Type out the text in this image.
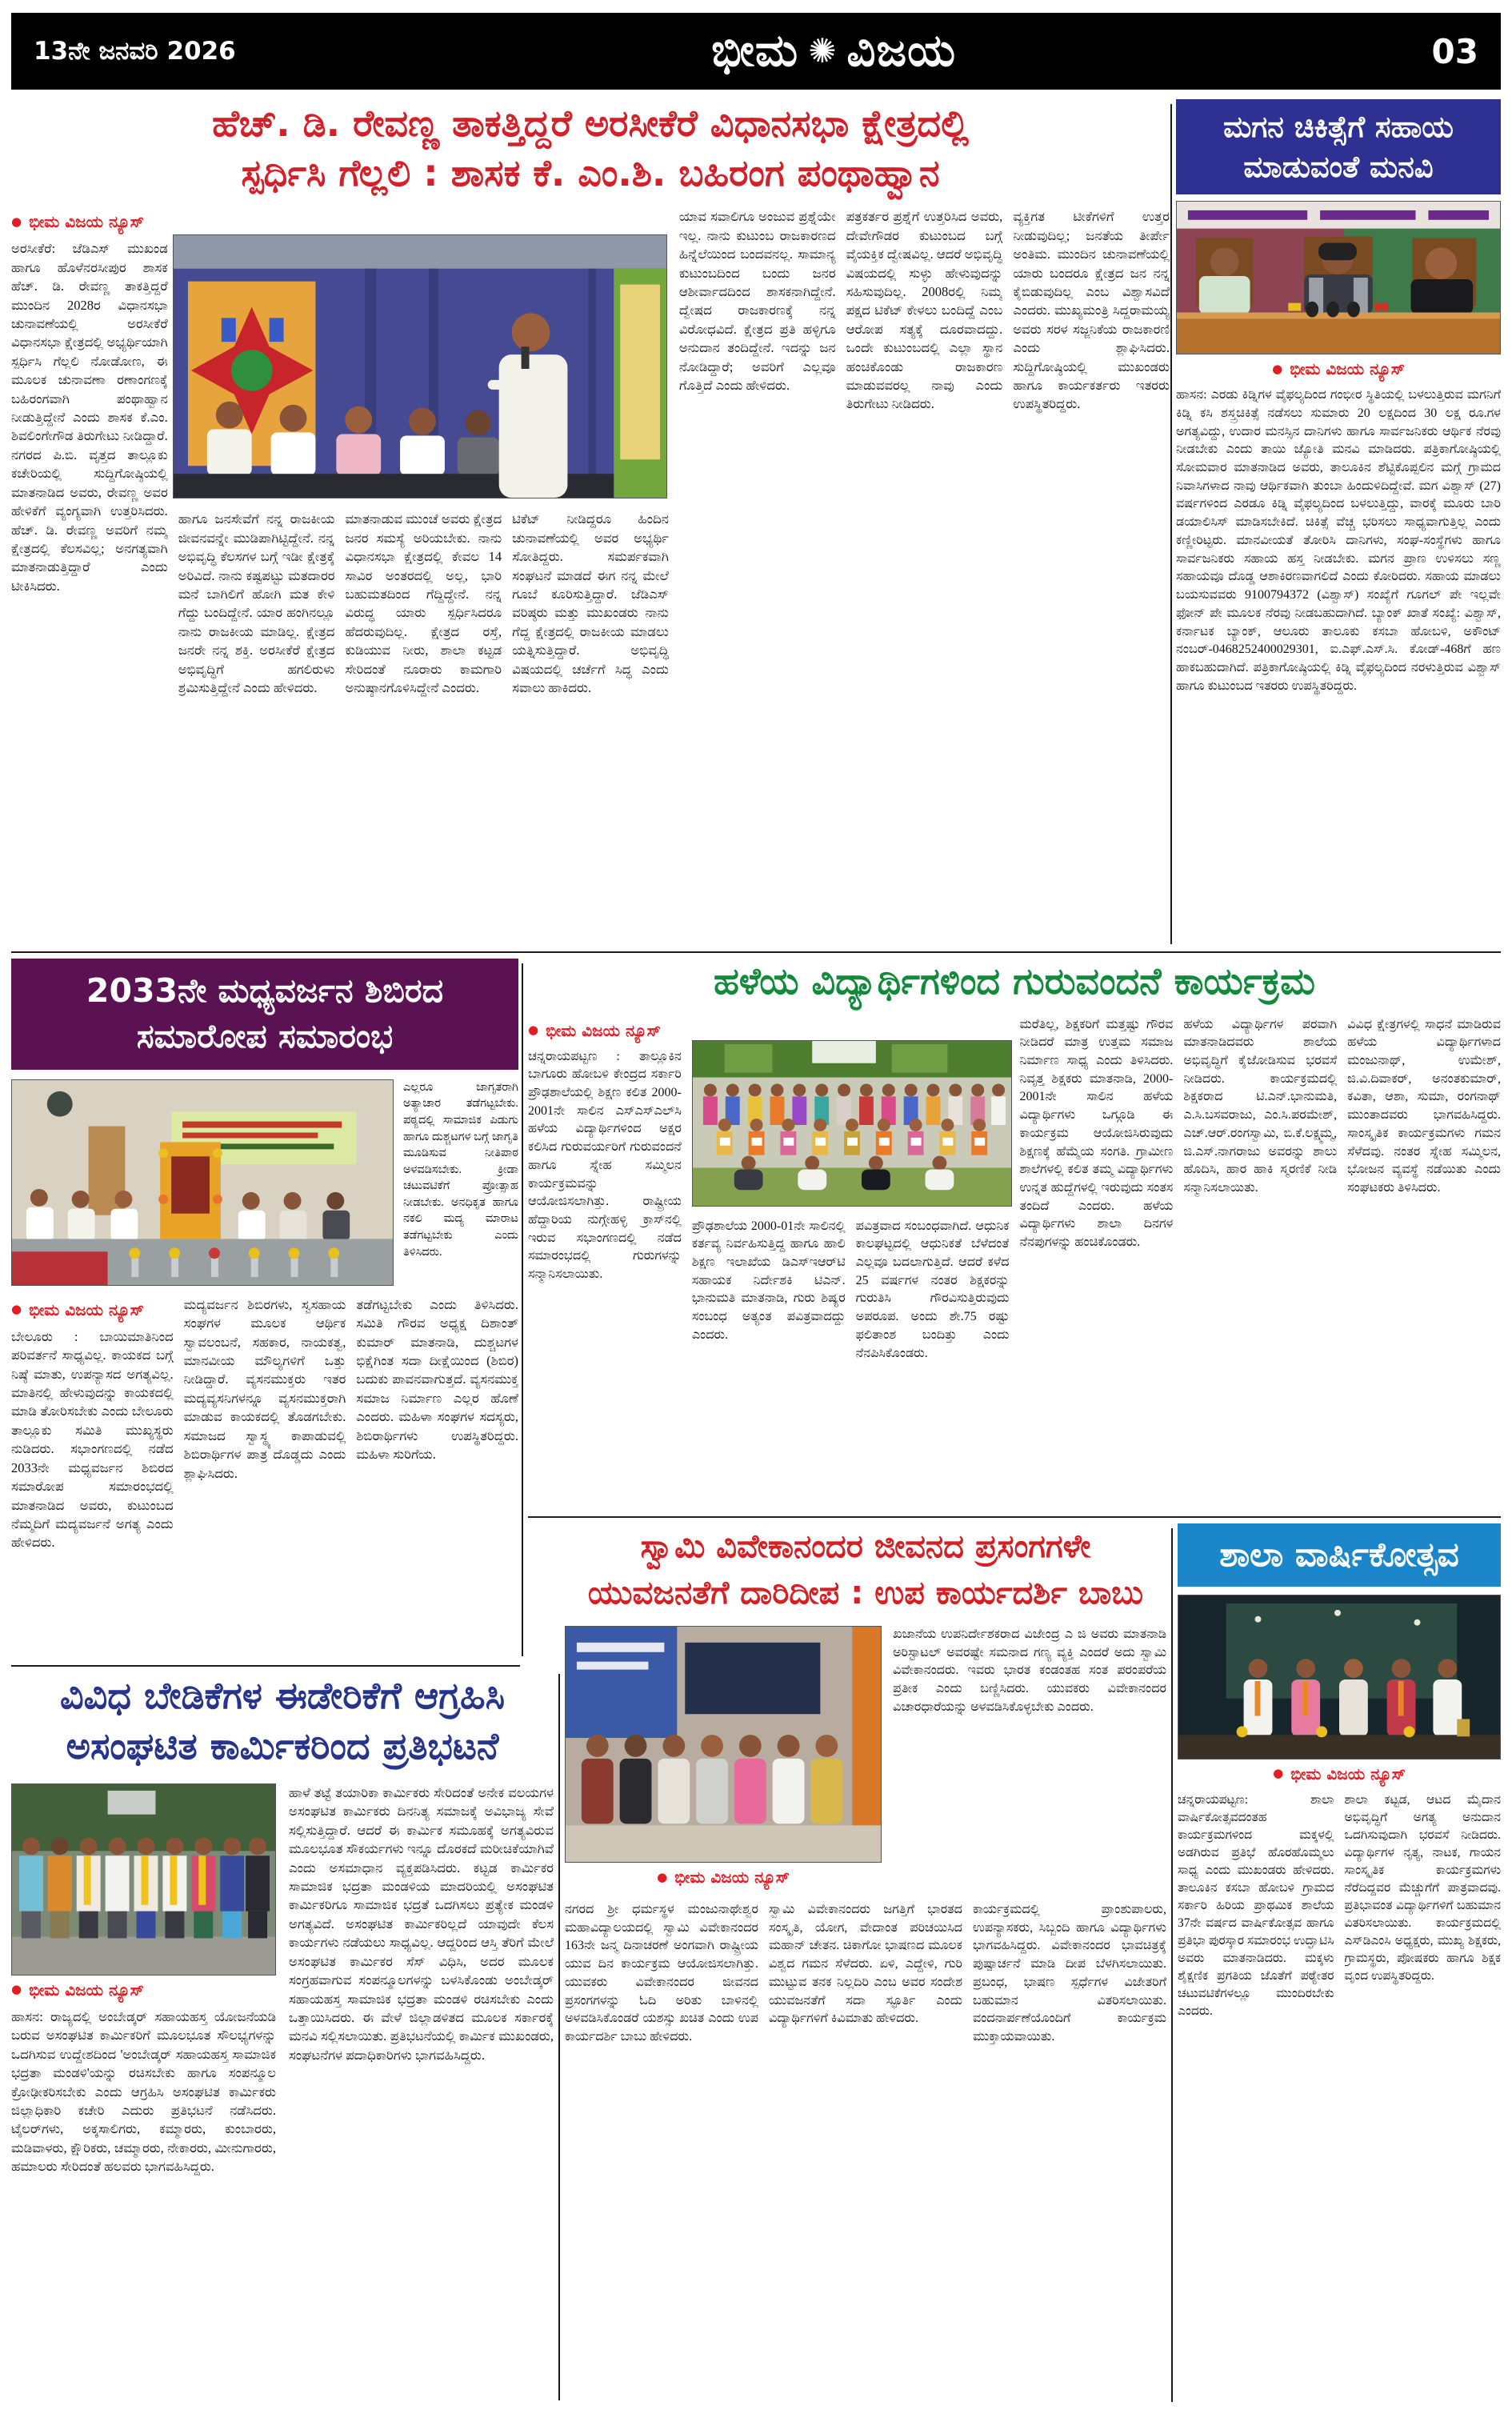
13ನೇ ಜನವರಿ 2026	ಭೀಮ ✺ ವಿಜಯ	03
ಹೆಚ್. ಡಿ. ರೇವಣ್ಣ ತಾಕತ್ತಿದ್ದರೆ ಅರಸೀಕೆರೆ ವಿಧಾನಸಭಾ ಕ್ಷೇತ್ರದಲ್ಲಿ
ಸ್ಪರ್ಧಿಸಿ ಗೆಲ್ಲಲಿ : ಶಾಸಕ ಕೆ. ಎಂ.ಶಿ. ಬಹಿರಂಗ ಪಂಥಾಹ್ವಾನ
● ಭೀಮ ವಿಜಯ ನ್ಯೂಸ್

ಅರಸೀಕೆರೆ: ಜೆಡಿಎಸ್ ಮುಖಂಡ ಹಾಗೂ ಹೊಳೆನರಸೀಪುರ ಶಾಸಕ ಹೆಚ್. ಡಿ. ರೇವಣ್ಣ ತಾಕತ್ತಿದ್ದರೆ ಮುಂದಿನ 2028ರ ವಿಧಾನಸಭಾ ಚುನಾವಣೆಯಲ್ಲಿ ಅರಸೀಕೆರೆ ವಿಧಾನಸಭಾ ಕ್ಷೇತ್ರದಲ್ಲಿ ಅಭ್ಯರ್ಥಿಯಾಗಿ ಸ್ಪರ್ಧಿಸಿ ಗೆಲ್ಲಲಿ ನೋಡೋಣ, ಈ ಮೂಲಕ ಚುನಾವಣಾ ರಣಾಂಗಣಕ್ಕೆ ಬಹಿರಂಗವಾಗಿ ಪಂಥಾಹ್ವಾನ ನೀಡುತ್ತಿದ್ದೇನೆ ಎಂದು ಶಾಸಕ ಕೆ.ಎಂ. ಶಿವಲಿಂಗೇಗೌಡ ತಿರುಗೇಟು ನೀಡಿದ್ದಾರೆ. ನಗರದ ಪಿ.ಬಿ. ವೃತ್ತದ ತಾಲ್ಲೂಕು ಕಚೇರಿಯಲ್ಲಿ ಸುದ್ದಿಗೋಷ್ಠಿಯಲ್ಲಿ ಮಾತನಾಡಿದ ಅವರು, ರೇವಣ್ಣ ಅವರ ಹೇಳಿಕೆಗೆ ವ್ಯಂಗ್ಯವಾಗಿ ಉತ್ತರಿಸಿದರು. ಹೆಚ್. ಡಿ. ರೇವಣ್ಣ ಅವರಿಗೆ ನಮ್ಮ ಕ್ಷೇತ್ರದಲ್ಲಿ ಕೆಲಸವಿಲ್ಲ; ಅನಗತ್ಯವಾಗಿ ಮಾತನಾಡುತ್ತಿದ್ದಾರೆ ಎಂದು ಟೀಕಿಸಿದರು.

ಹಾಗೂ ಜನಸೇವೆಗೆ ನನ್ನ ರಾಜಕೀಯ ಜೀವನವನ್ನೇ ಮುಡಿಪಾಗಿಟ್ಟಿದ್ದೇನೆ. ನನ್ನ ಅಭಿವೃದ್ಧಿ ಕೆಲಸಗಳ ಬಗ್ಗೆ ಇಡೀ ಕ್ಷೇತ್ರಕ್ಕೆ ಅರಿವಿದೆ. ನಾನು ಕಷ್ಟಪಟ್ಟು ಮತದಾರರ ಮನೆ ಬಾಗಿಲಿಗೆ ಹೋಗಿ ಮತ ಕೇಳಿ ಗೆದ್ದು ಬಂದಿದ್ದೇನೆ. ಯಾರ ಹಂಗಿನಲ್ಲೂ ನಾನು ರಾಜಕೀಯ ಮಾಡಿಲ್ಲ. ಕ್ಷೇತ್ರದ ಜನರೇ ನನ್ನ ಶಕ್ತಿ. ಅರಸೀಕೆರೆ ಕ್ಷೇತ್ರದ ಅಭಿವೃದ್ಧಿಗೆ ಹಗಲಿರುಳು ಶ್ರಮಿಸುತ್ತಿದ್ದೇನೆ ಎಂದು ಹೇಳಿದರು.

ಮಾತನಾಡುವ ಮುಂಚೆ ಅವರು ಕ್ಷೇತ್ರದ ಜನರ ಸಮಸ್ಯೆ ಅರಿಯಬೇಕು. ನಾನು ವಿಧಾನಸಭಾ ಕ್ಷೇತ್ರದಲ್ಲಿ ಕೇವಲ 14 ಸಾವಿರ ಅಂತರದಲ್ಲಿ ಅಲ್ಲ, ಭಾರಿ ಬಹುಮತದಿಂದ ಗೆದ್ದಿದ್ದೇನೆ. ನನ್ನ ವಿರುದ್ಧ ಯಾರು ಸ್ಪರ್ಧಿಸಿದರೂ ಹೆದರುವುದಿಲ್ಲ. ಕ್ಷೇತ್ರದ ರಸ್ತೆ, ಕುಡಿಯುವ ನೀರು, ಶಾಲಾ ಕಟ್ಟಡ ಸೇರಿದಂತೆ ನೂರಾರು ಕಾಮಗಾರಿ ಅನುಷ್ಠಾನಗೊಳಿಸಿದ್ದೇನೆ ಎಂದರು.

ಟಿಕೆಟ್ ನೀಡಿದ್ದರೂ ಹಿಂದಿನ ಚುನಾವಣೆಯಲ್ಲಿ ಅವರ ಅಭ್ಯರ್ಥಿ ಸೋತಿದ್ದರು. ಸಮರ್ಪಕವಾಗಿ ಸಂಘಟನೆ ಮಾಡದೆ ಈಗ ನನ್ನ ಮೇಲೆ ಗೂಬೆ ಕೂರಿಸುತ್ತಿದ್ದಾರೆ. ಜೆಡಿಎಸ್ ವರಿಷ್ಠರು ಮತ್ತು ಮುಖಂಡರು ನಾನು ಗೆದ್ದ ಕ್ಷೇತ್ರದಲ್ಲಿ ರಾಜಕೀಯ ಮಾಡಲು ಯತ್ನಿಸುತ್ತಿದ್ದಾರೆ. ಅಭಿವೃದ್ಧಿ ವಿಷಯದಲ್ಲಿ ಚರ್ಚೆಗೆ ಸಿದ್ಧ ಎಂದು ಸವಾಲು ಹಾಕಿದರು.

ಯಾವ ಸವಾಲಿಗೂ ಅಂಜುವ ಪ್ರಶ್ನೆಯೇ ಇಲ್ಲ. ನಾನು ಕುಟುಂಬ ರಾಜಕಾರಣದ ಹಿನ್ನೆಲೆಯಿಂದ ಬಂದವನಲ್ಲ. ಸಾಮಾನ್ಯ ಕುಟುಂಬದಿಂದ ಬಂದು ಜನರ ಆಶೀರ್ವಾದದಿಂದ ಶಾಸಕನಾಗಿದ್ದೇನೆ. ದ್ವೇಷದ ರಾಜಕಾರಣಕ್ಕೆ ನನ್ನ ವಿರೋಧವಿದೆ. ಕ್ಷೇತ್ರದ ಪ್ರತಿ ಹಳ್ಳಿಗೂ ಅನುದಾನ ತಂದಿದ್ದೇನೆ. ಇದನ್ನು ಜನ ನೋಡಿದ್ದಾರೆ; ಅವರಿಗೆ ಎಲ್ಲವೂ ಗೊತ್ತಿದೆ ಎಂದು ಹೇಳಿದರು.

ಪತ್ರಕರ್ತರ ಪ್ರಶ್ನೆಗೆ ಉತ್ತರಿಸಿದ ಅವರು, ದೇವೇಗೌಡರ ಕುಟುಂಬದ ಬಗ್ಗೆ ವೈಯಕ್ತಿಕ ದ್ವೇಷವಿಲ್ಲ. ಆದರೆ ಅಭಿವೃದ್ಧಿ ವಿಷಯದಲ್ಲಿ ಸುಳ್ಳು ಹೇಳುವುದನ್ನು ಸಹಿಸುವುದಿಲ್ಲ. 2008ರಲ್ಲಿ ನಿಮ್ಮ ಪಕ್ಷದ ಟಿಕೆಟ್ ಕೇಳಲು ಬಂದಿದ್ದೆ ಎಂಬ ಆರೋಪ ಸತ್ಯಕ್ಕೆ ದೂರವಾದದ್ದು. ಒಂದೇ ಕುಟುಂಬದಲ್ಲಿ ಎಲ್ಲಾ ಸ್ಥಾನ ಹಂಚಿಕೊಂಡು ರಾಜಕಾರಣ ಮಾಡುವವರಲ್ಲ ನಾವು ಎಂದು ತಿರುಗೇಟು ನೀಡಿದರು.

ವ್ಯಕ್ತಿಗತ ಟೀಕೆಗಳಿಗೆ ಉತ್ತರ ನೀಡುವುದಿಲ್ಲ; ಜನತೆಯ ತೀರ್ಪೇ ಅಂತಿಮ. ಮುಂದಿನ ಚುನಾವಣೆಯಲ್ಲಿ ಯಾರು ಬಂದರೂ ಕ್ಷೇತ್ರದ ಜನ ನನ್ನ ಕೈಬಿಡುವುದಿಲ್ಲ ಎಂಬ ವಿಶ್ವಾಸವಿದೆ ಎಂದರು. ಮುಖ್ಯಮಂತ್ರಿ ಸಿದ್ದರಾಮಯ್ಯ ಅವರು ಸರಳ ಸಜ್ಜನಿಕೆಯ ರಾಜಕಾರಣಿ ಎಂದು ಶ್ಲಾಘಿಸಿದರು. ಸುದ್ದಿಗೋಷ್ಠಿಯಲ್ಲಿ ಮುಖಂಡರು ಹಾಗೂ ಕಾರ್ಯಕರ್ತರು ಇತರರು ಉಪಸ್ಥಿತರಿದ್ದರು.

ಮಗನ ಚಿಕಿತ್ಸೆಗೆ ಸಹಾಯ
ಮಾಡುವಂತೆ ಮನವಿ
● ಭೀಮ ವಿಜಯ ನ್ಯೂಸ್

ಹಾಸನ: ಎರಡು ಕಿಡ್ನಿಗಳ ವೈಫಲ್ಯದಿಂದ ಗಂಭೀರ ಸ್ಥಿತಿಯಲ್ಲಿ ಬಳಲುತ್ತಿರುವ ಮಗನಿಗೆ ಕಿಡ್ನಿ ಕಸಿ ಶಸ್ತ್ರಚಿಕಿತ್ಸೆ ನಡೆಸಲು ಸುಮಾರು 20 ಲಕ್ಷದಿಂದ 30 ಲಕ್ಷ ರೂ.ಗಳ ಅಗತ್ಯವಿದ್ದು, ಉದಾರ ಮನಸ್ಸಿನ ದಾನಿಗಳು ಹಾಗೂ ಸಾರ್ವಜನಿಕರು ಆರ್ಥಿಕ ನೆರವು ನೀಡಬೇಕು ಎಂದು ತಾಯಿ ಜ್ಯೋತಿ ಮನವಿ ಮಾಡಿದರು. ಪತ್ರಿಕಾಗೋಷ್ಠಿಯಲ್ಲಿ ಸೋಮವಾರ ಮಾತನಾಡಿದ ಅವರು, ತಾಲೂಕಿನ ಶೆಟ್ಟಿಕೊಪ್ಪಲಿನ ಮಗ್ಗೆ ಗ್ರಾಮದ ನಿವಾಸಿಗಳಾದ ನಾವು ಆರ್ಥಿಕವಾಗಿ ತುಂಬಾ ಹಿಂದುಳಿದಿದ್ದೇವೆ. ಮಗ ವಿಶ್ವಾಸ್ (27) ವರ್ಷಗಳಿಂದ ಎರಡೂ ಕಿಡ್ನಿ ವೈಫಲ್ಯದಿಂದ ಬಳಲುತ್ತಿದ್ದು, ವಾರಕ್ಕೆ ಮೂರು ಬಾರಿ ಡಯಾಲಿಸಿಸ್ ಮಾಡಿಸಬೇಕಿದೆ. ಚಿಕಿತ್ಸೆ ವೆಚ್ಚ ಭರಿಸಲು ಸಾಧ್ಯವಾಗುತ್ತಿಲ್ಲ ಎಂದು ಕಣ್ಣೀರಿಟ್ಟರು. ಮಾನವೀಯತೆ ತೋರಿಸಿ ದಾನಿಗಳು, ಸಂಘ-ಸಂಸ್ಥೆಗಳು ಹಾಗೂ ಸಾರ್ವಜನಿಕರು ಸಹಾಯ ಹಸ್ತ ನೀಡಬೇಕು. ಮಗನ ಪ್ರಾಣ ಉಳಿಸಲು ಸಣ್ಣ ಸಹಾಯವೂ ದೊಡ್ಡ ಆಶಾಕಿರಣವಾಗಲಿದೆ ಎಂದು ಕೋರಿದರು. ಸಹಾಯ ಮಾಡಲು ಬಯಸುವವರು 9100794372 (ವಿಶ್ವಾಸ್) ಸಂಖ್ಯೆಗೆ ಗೂಗಲ್ ಪೇ ಇಲ್ಲವೇ ಫೋನ್ ಪೇ ಮೂಲಕ ನೆರವು ನೀಡಬಹುದಾಗಿದೆ. ಬ್ಯಾಂಕ್ ಖಾತೆ ಸಂಖ್ಯೆ: ವಿಶ್ವಾಸ್, ಕರ್ನಾಟಕ ಬ್ಯಾಂಕ್, ಆಲೂರು ತಾಲೂಕು ಕಸಬಾ ಹೋಬಳಿ, ಅಕೌಂಟ್ ನಂಬರ್-0468252400029301, ಐ.ಎಫ್.ಎಸ್.ಸಿ. ಕೋಡ್-468ಗೆ ಹಣ ಹಾಕಬಹುದಾಗಿದೆ. ಪತ್ರಿಕಾಗೋಷ್ಠಿಯಲ್ಲಿ ಕಿಡ್ನಿ ವೈಫಲ್ಯದಿಂದ ನರಳುತ್ತಿರುವ ವಿಶ್ವಾಸ್ ಹಾಗೂ ಕುಟುಂಬದ ಇತರರು ಉಪಸ್ಥಿತರಿದ್ದರು.

2033ನೇ ಮಧ್ಯವರ್ಜನ ಶಿಬಿರದ
ಸಮಾರೋಪ ಸಮಾರಂಭ

ಎಲ್ಲರೂ ಜಾಗೃತರಾಗಿ ಅತ್ಯಾಚಾರ ತಡೆಗಟ್ಟಬೇಕು. ಪಠ್ಯದಲ್ಲಿ ಸಾಮಾಜಿಕ ಪಿಡುಗು ಹಾಗೂ ದುಶ್ಚಟಗಳ ಬಗ್ಗೆ ಜಾಗೃತಿ ಮೂಡಿಸುವ ನೀತಿಪಾಠ ಅಳವಡಿಸಬೇಕು. ಕ್ರೀಡಾ ಚಟುವಟಿಕೆಗೆ ಪ್ರೋತ್ಸಾಹ ನೀಡಬೇಕು. ಅನಧಿಕೃತ ಹಾಗೂ ನಕಲಿ ಮದ್ಯ ಮಾರಾಟ ತಡೆಗಟ್ಟಬೇಕು ಎಂದು ತಿಳಿಸಿದರು.

● ಭೀಮ ವಿಜಯ ನ್ಯೂಸ್

ಬೇಲೂರು : ಬಾಯಿಮಾತಿನಿಂದ ಪರಿವರ್ತನೆ ಸಾಧ್ಯವಿಲ್ಲ. ಕಾಯಕದ ಬಗ್ಗೆ ನಿಷ್ಠೆ ಮಾತು, ಉಪನ್ಯಾಸದ ಅಗತ್ಯವಿಲ್ಲ. ಮಾತಿನಲ್ಲಿ ಹೇಳುವುದನ್ನು ಕಾಯಕದಲ್ಲಿ ಮಾಡಿ ತೋರಿಸಬೇಕು ಎಂದು ಬೇಲೂರು ತಾಲ್ಲೂಕು ಸಮಿತಿ ಮುಖ್ಯಸ್ಥರು ನುಡಿದರು. ಸಭಾಂಗಣದಲ್ಲಿ ನಡೆದ 2033ನೇ ಮಧ್ಯವರ್ಜನ ಶಿಬಿರದ ಸಮಾರೋಪ ಸಮಾರಂಭದಲ್ಲಿ ಮಾತನಾಡಿದ ಅವರು, ಕುಟುಂಬದ ನೆಮ್ಮದಿಗೆ ಮದ್ಯವರ್ಜನೆ ಅಗತ್ಯ ಎಂದು ಹೇಳಿದರು.

ಮದ್ಯವರ್ಜನ ಶಿಬಿರಗಳು, ಸ್ವಸಹಾಯ ಸಂಘಗಳ ಮೂಲಕ ಆರ್ಥಿಕ ಸ್ವಾವಲಂಬನೆ, ಸಹಕಾರ, ನಾಯಕತ್ವ, ಮಾನವೀಯ ಮೌಲ್ಯಗಳಿಗೆ ಒತ್ತು ನೀಡಿದ್ದಾರೆ. ವ್ಯಸನಮುಕ್ತರು ಇತರ ಮದ್ಯವ್ಯಸನಿಗಳನ್ನೂ ವ್ಯಸನಮುಕ್ತರಾಗಿ ಮಾಡುವ ಕಾಯಕದಲ್ಲಿ ತೊಡಗಬೇಕು. ಸಮಾಜದ ಸ್ವಾಸ್ಥ್ಯ ಕಾಪಾಡುವಲ್ಲಿ ಶಿಬಿರಾರ್ಥಿಗಳ ಪಾತ್ರ ದೊಡ್ಡದು ಎಂದು ಶ್ಲಾಘಿಸಿದರು.

ತಡೆಗಟ್ಟಬೇಕು ಎಂದು ತಿಳಿಸಿದರು. ಸಮಿತಿ ಗೌರವ ಅಧ್ಯಕ್ಷ ದಿಶಾಂತ್ ಕುಮಾರ್ ಮಾತನಾಡಿ, ದುಶ್ಚಟಗಳ ಭಿಕ್ಷೆಗಿಂತ ಸದಾ ದೀಕ್ಷೆಯಿಂದ (ಶಿಬಿರ) ಬದುಕು ಪಾವನವಾಗುತ್ತದೆ. ವ್ಯಸನಮುಕ್ತ ಸಮಾಜ ನಿರ್ಮಾಣ ಎಲ್ಲರ ಹೊಣೆ ಎಂದರು. ಮಹಿಳಾ ಸಂಘಗಳ ಸದಸ್ಯರು, ಶಿಬಿರಾರ್ಥಿಗಳು ಉಪಸ್ಥಿತರಿದ್ದರು. ಮಹಿಳಾ ಸುರಿಗೆಯ.

ಹಳೆಯ ವಿದ್ಯಾರ್ಥಿಗಳಿಂದ ಗುರುವಂದನೆ ಕಾರ್ಯಕ್ರಮ
● ಭೀಮ ವಿಜಯ ನ್ಯೂಸ್

ಚನ್ನರಾಯಪಟ್ಟಣ : ತಾಲ್ಲೂಕಿನ ಬಾಗೂರು ಹೋಬಳಿ ಕೇಂದ್ರದ ಸರ್ಕಾರಿ ಪ್ರೌಢಶಾಲೆಯಲ್ಲಿ ಶಿಕ್ಷಣ ಕಲಿತ 2000-2001ನೇ ಸಾಲಿನ ಎಸ್‌ಎಸ್‌ಎಲ್‌ಸಿ ಹಳೆಯ ವಿದ್ಯಾರ್ಥಿಗಳಿಂದ ಅಕ್ಷರ ಕಲಿಸಿದ ಗುರುವರ್ಯರಿಗೆ ಗುರುವಂದನೆ ಹಾಗೂ ಸ್ನೇಹ ಸಮ್ಮಿಲನ ಕಾರ್ಯಕ್ರಮವನ್ನು ಆಯೋಜಿಸಲಾಗಿತ್ತು. ರಾಷ್ಟ್ರೀಯ ಹೆದ್ದಾರಿಯ ನುಗ್ಗೇಹಳ್ಳಿ ಕ್ರಾಸ್‌ನಲ್ಲಿ ಇರುವ ಸಭಾಂಗಣದಲ್ಲಿ ನಡೆದ ಸಮಾರಂಭದಲ್ಲಿ ಗುರುಗಳನ್ನು ಸನ್ಮಾನಿಸಲಾಯಿತು.

ಪ್ರೌಢಶಾಲೆಯ 2000-01ನೇ ಸಾಲಿನಲ್ಲಿ ಕರ್ತವ್ಯ ನಿರ್ವಹಿಸುತ್ತಿದ್ದ ಹಾಗೂ ಹಾಲಿ ಶಿಕ್ಷಣ ಇಲಾಖೆಯ ಡಿಎಸ್‌ಇಆರ್‌ಟಿ ಸಹಾಯಕ ನಿರ್ದೇಶಕಿ ಟಿಎನ್. ಭಾನುಮತಿ ಮಾತನಾಡಿ, ಗುರು ಶಿಷ್ಯರ ಸಂಬಂಧ ಅತ್ಯಂತ ಪವಿತ್ರವಾದದ್ದು ಎಂದರು.

ಪವಿತ್ರವಾದ ಸಂಬಂಧವಾಗಿದೆ. ಆಧುನಿಕ ಕಾಲಘಟ್ಟದಲ್ಲಿ ಆಧುನಿಕತೆ ಬೆಳೆದಂತೆ ಎಲ್ಲವೂ ಬದಲಾಗುತ್ತಿದೆ. ಆದರೆ ಕಳೆದ 25 ವರ್ಷಗಳ ನಂತರ ಶಿಕ್ಷಕರನ್ನು ಗುರುತಿಸಿ ಗೌರವಿಸುತ್ತಿರುವುದು ಅಪರೂಪ. ಅಂದು ಶೇ.75 ರಷ್ಟು ಫಲಿತಾಂಶ ಬಂದಿತ್ತು ಎಂದು ನೆನಪಿಸಿಕೊಂಡರು.

ಮರೆತಿಲ್ಲ, ಶಿಕ್ಷಕರಿಗೆ ಮತ್ತಷ್ಟು ಗೌರವ ನೀಡಿದರೆ ಮಾತ್ರ ಉತ್ತಮ ಸಮಾಜ ನಿರ್ಮಾಣ ಸಾಧ್ಯ ಎಂದು ತಿಳಿಸಿದರು. ನಿವೃತ್ತ ಶಿಕ್ಷಕರು ಮಾತನಾಡಿ, 2000-2001ನೇ ಸಾಲಿನ ಹಳೆಯ ವಿದ್ಯಾರ್ಥಿಗಳು ಒಗ್ಗೂಡಿ ಈ ಕಾರ್ಯಕ್ರಮ ಆಯೋಜಿಸಿರುವುದು ಶಿಕ್ಷಣಕ್ಕೆ ಹೆಮ್ಮೆಯ ಸಂಗತಿ. ಗ್ರಾಮೀಣ ಶಾಲೆಗಳಲ್ಲಿ ಕಲಿತ ತಮ್ಮ ವಿದ್ಯಾರ್ಥಿಗಳು ಉನ್ನತ ಹುದ್ದೆಗಳಲ್ಲಿ ಇರುವುದು ಸಂತಸ ತಂದಿದೆ ಎಂದರು. ಹಳೆಯ ವಿದ್ಯಾರ್ಥಿಗಳು ಶಾಲಾ ದಿನಗಳ ನೆನಪುಗಳನ್ನು ಹಂಚಿಕೊಂಡರು.

ಹಳೆಯ ವಿದ್ಯಾರ್ಥಿಗಳ ಪರವಾಗಿ ಮಾತನಾಡಿದವರು ಶಾಲೆಯ ಅಭಿವೃದ್ಧಿಗೆ ಕೈಜೋಡಿಸುವ ಭರವಸೆ ನೀಡಿದರು. ಕಾರ್ಯಕ್ರಮದಲ್ಲಿ ಶಿಕ್ಷಕರಾದ ಟಿ.ಎನ್.ಭಾನುಮತಿ, ಎ.ಸಿ.ಬಸವರಾಜು, ಎಂ.ಸಿ.ಪರಮೇಶ್, ಎಚ್.ಆರ್.ರಂಗಸ್ವಾಮಿ, ಬಿ.ಕೆ.ಲಕ್ಷ್ಮಮ್ಮ, ಜಿ.ಎಸ್.ನಾಗರಾಜು ಅವರನ್ನು ಶಾಲು ಹೊದಿಸಿ, ಹಾರ ಹಾಕಿ ಸ್ಮರಣಿಕೆ ನೀಡಿ ಸನ್ಮಾನಿಸಲಾಯಿತು.

ವಿವಿಧ ಕ್ಷೇತ್ರಗಳಲ್ಲಿ ಸಾಧನೆ ಮಾಡಿರುವ ಹಳೆಯ ವಿದ್ಯಾರ್ಥಿಗಳಾದ ಮಂಜುನಾಥ್, ಉಮೇಶ್, ಜಿ.ವಿ.ದಿವಾಕರ್, ಅನಂತಕುಮಾರ್, ಕವಿತಾ, ಆಶಾ, ಸುಮಾ, ರಂಗನಾಥ್ ಮುಂತಾದವರು ಭಾಗವಹಿಸಿದ್ದರು. ಸಾಂಸ್ಕೃತಿಕ ಕಾರ್ಯಕ್ರಮಗಳು ಗಮನ ಸೆಳೆದವು. ನಂತರ ಸ್ನೇಹ ಸಮ್ಮಿಲನ, ಭೋಜನ ವ್ಯವಸ್ಥೆ ನಡೆಯಿತು ಎಂದು ಸಂಘಟಕರು ತಿಳಿಸಿದರು.

ವಿವಿಧ ಬೇಡಿಕೆಗಳ ಈಡೇರಿಕೆಗೆ ಆಗ್ರಹಿಸಿ
ಅಸಂಘಟಿತ ಕಾರ್ಮಿಕರಿಂದ ಪ್ರತಿಭಟನೆ
● ಭೀಮ ವಿಜಯ ನ್ಯೂಸ್

ಹಾಸನ: ರಾಜ್ಯದಲ್ಲಿ ಅಂಬೇಡ್ಕರ್ ಸಹಾಯಹಸ್ತ ಯೋಜನೆಯಡಿ ಬರುವ ಅಸಂಘಟಿತ ಕಾರ್ಮಿಕರಿಗೆ ಮೂಲಭೂತ ಸೌಲಭ್ಯಗಳನ್ನು ಒದಗಿಸುವ ಉದ್ದೇಶದಿಂದ 'ಅಂಬೇಡ್ಕರ್ ಸಹಾಯಹಸ್ತ ಸಾಮಾಜಿಕ ಭದ್ರತಾ ಮಂಡಳಿ'ಯನ್ನು ರಚಿಸಬೇಕು ಹಾಗೂ ಸಂಪನ್ಮೂಲ ಕ್ರೋಢೀಕರಿಸಬೇಕು ಎಂದು ಆಗ್ರಹಿಸಿ ಅಸಂಘಟಿತ ಕಾರ್ಮಿಕರು ಜಿಲ್ಲಾಧಿಕಾರಿ ಕಚೇರಿ ಎದುರು ಪ್ರತಿಭಟನೆ ನಡೆಸಿದರು. ಟೈಲರ್‌ಗಳು, ಅಕ್ಕಸಾಲಿಗರು, ಕಮ್ಮಾರರು, ಕುಂಬಾರರು, ಮಡಿವಾಳರು, ಕ್ಷೌರಿಕರು, ಚಮ್ಮಾರರು, ನೇಕಾರರು, ಮೀನುಗಾರರು, ಹಮಾಲರು ಸೇರಿದಂತೆ ಹಲವರು ಭಾಗವಹಿಸಿದ್ದರು.

ಹಾಳೆ ತಟ್ಟೆ ತಯಾರಿಕಾ ಕಾರ್ಮಿಕರು ಸೇರಿದಂತೆ ಅನೇಕ ವಲಯಗಳ ಅಸಂಘಟಿತ ಕಾರ್ಮಿಕರು ದಿನನಿತ್ಯ ಸಮಾಜಕ್ಕೆ ಅವಿಭಾಜ್ಯ ಸೇವೆ ಸಲ್ಲಿಸುತ್ತಿದ್ದಾರೆ. ಆದರೆ ಈ ಕಾರ್ಮಿಕ ಸಮೂಹಕ್ಕೆ ಅಗತ್ಯವಿರುವ ಮೂಲಭೂತ ಸೌಕರ್ಯಗಳು ಇನ್ನೂ ದೊರಕದೆ ಮರೀಚಿಕೆಯಾಗಿವೆ ಎಂದು ಅಸಮಾಧಾನ ವ್ಯಕ್ತಪಡಿಸಿದರು. ಕಟ್ಟಡ ಕಾರ್ಮಿಕರ ಸಾಮಾಜಿಕ ಭದ್ರತಾ ಮಂಡಳಿಯ ಮಾದರಿಯಲ್ಲಿ ಅಸಂಘಟಿತ ಕಾರ್ಮಿಕರಿಗೂ ಸಾಮಾಜಿಕ ಭದ್ರತೆ ಒದಗಿಸಲು ಪ್ರತ್ಯೇಕ ಮಂಡಳಿ ಅಗತ್ಯವಿದೆ. ಅಸಂಘಟಿತ ಕಾರ್ಮಿಕರಿಲ್ಲದೆ ಯಾವುದೇ ಕೆಲಸ ಕಾರ್ಯಗಳು ನಡೆಯಲು ಸಾಧ್ಯವಿಲ್ಲ. ಆದ್ದರಿಂದ ಆಸ್ತಿ ತೆರಿಗೆ ಮೇಲೆ ಅಸಂಘಟಿತ ಕಾರ್ಮಿಕರ ಸೆಸ್ ವಿಧಿಸಿ, ಅದರ ಮೂಲಕ ಸಂಗ್ರಹವಾಗುವ ಸಂಪನ್ಮೂಲಗಳನ್ನು ಬಳಸಿಕೊಂಡು ಅಂಬೇಡ್ಕರ್ ಸಹಾಯಹಸ್ತ ಸಾಮಾಜಿಕ ಭದ್ರತಾ ಮಂಡಳಿ ರಚಿಸಬೇಕು ಎಂದು ಒತ್ತಾಯಿಸಿದರು. ಈ ವೇಳೆ ಜಿಲ್ಲಾಡಳಿತದ ಮೂಲಕ ಸರ್ಕಾರಕ್ಕೆ ಮನವಿ ಸಲ್ಲಿಸಲಾಯಿತು. ಪ್ರತಿಭಟನೆಯಲ್ಲಿ ಕಾರ್ಮಿಕ ಮುಖಂಡರು, ಸಂಘಟನೆಗಳ ಪದಾಧಿಕಾರಿಗಳು ಭಾಗವಹಿಸಿದ್ದರು.

ಸ್ವಾಮಿ ವಿವೇಕಾನಂದರ ಜೀವನದ ಪ್ರಸಂಗಗಳೇ
ಯುವಜನತೆಗೆ ದಾರಿದೀಪ : ಉಪ ಕಾರ್ಯದರ್ಶಿ ಬಾಬು
● ಭೀಮ ವಿಜಯ ನ್ಯೂಸ್

ಖಜಾನೆಯ ಉಪನಿರ್ದೇಶಕರಾದ ವಿಜೇಂದ್ರ ಎ ಜಿ ಅವರು ಮಾತನಾಡಿ ಅರಿಸ್ಟಾಟಲ್ ಅವರಷ್ಟೇ ಸಮನಾದ ಗಣ್ಯ ವ್ಯಕ್ತಿ ಎಂದರೆ ಅದು ಸ್ವಾಮಿ ವಿವೇಕಾನಂದರು. ಇವರು ಭಾರತ ಕಂಡಂತಹ ಸಂತ ಪರಂಪರೆಯ ಪ್ರತೀಕ ಎಂದು ಬಣ್ಣಿಸಿದರು. ಯುವಕರು ವಿವೇಕಾನಂದರ ವಿಚಾರಧಾರೆಯನ್ನು ಅಳವಡಿಸಿಕೊಳ್ಳಬೇಕು ಎಂದರು.

ನಗರದ ಶ್ರೀ ಧರ್ಮಸ್ಥಳ ಮಂಜುನಾಥೇಶ್ವರ ಮಹಾವಿದ್ಯಾಲಯದಲ್ಲಿ ಸ್ವಾಮಿ ವಿವೇಕಾನಂದರ 163ನೇ ಜನ್ಮ ದಿನಾಚರಣೆ ಅಂಗವಾಗಿ ರಾಷ್ಟ್ರೀಯ ಯುವ ದಿನ ಕಾರ್ಯಕ್ರಮ ಆಯೋಜಿಸಲಾಗಿತ್ತು. ಯುವಕರು ವಿವೇಕಾನಂದರ ಜೀವನದ ಪ್ರಸಂಗಗಳನ್ನು ಓದಿ ಅರಿತು ಬಾಳಿನಲ್ಲಿ ಅಳವಡಿಸಿಕೊಂಡರೆ ಯಶಸ್ಸು ಖಚಿತ ಎಂದು ಉಪ ಕಾರ್ಯದರ್ಶಿ ಬಾಬು ಹೇಳಿದರು.

ಸ್ವಾಮಿ ವಿವೇಕಾನಂದರು ಜಗತ್ತಿಗೆ ಭಾರತದ ಸಂಸ್ಕೃತಿ, ಯೋಗ, ವೇದಾಂತ ಪರಿಚಯಿಸಿದ ಮಹಾನ್ ಚೇತನ. ಚಿಕಾಗೋ ಭಾಷಣದ ಮೂಲಕ ವಿಶ್ವದ ಗಮನ ಸೆಳೆದರು. ಏಳಿ, ಎದ್ದೇಳಿ, ಗುರಿ ಮುಟ್ಟುವ ತನಕ ನಿಲ್ಲದಿರಿ ಎಂಬ ಅವರ ಸಂದೇಶ ಯುವಜನತೆಗೆ ಸದಾ ಸ್ಫೂರ್ತಿ ಎಂದು ವಿದ್ಯಾರ್ಥಿಗಳಿಗೆ ಕಿವಿಮಾತು ಹೇಳಿದರು.

ಕಾರ್ಯಕ್ರಮದಲ್ಲಿ ಪ್ರಾಂಶುಪಾಲರು, ಉಪನ್ಯಾಸಕರು, ಸಿಬ್ಬಂದಿ ಹಾಗೂ ವಿದ್ಯಾರ್ಥಿಗಳು ಭಾಗವಹಿಸಿದ್ದರು. ವಿವೇಕಾನಂದರ ಭಾವಚಿತ್ರಕ್ಕೆ ಪುಷ್ಪಾರ್ಚನೆ ಮಾಡಿ ದೀಪ ಬೆಳಗಿಸಲಾಯಿತು. ಪ್ರಬಂಧ, ಭಾಷಣ ಸ್ಪರ್ಧೆಗಳ ವಿಜೇತರಿಗೆ ಬಹುಮಾನ ವಿತರಿಸಲಾಯಿತು. ವಂದನಾರ್ಪಣೆಯೊಂದಿಗೆ ಕಾರ್ಯಕ್ರಮ ಮುಕ್ತಾಯವಾಯಿತು.

ಶಾಲಾ ವಾರ್ಷಿಕೋತ್ಸವ
● ಭೀಮ ವಿಜಯ ನ್ಯೂಸ್

ಚನ್ನರಾಯಪಟ್ಟಣ: ಶಾಲಾ ವಾರ್ಷಿಕೋತ್ಸವದಂತಹ ಕಾರ್ಯಕ್ರಮಗಳಿಂದ ಮಕ್ಕಳಲ್ಲಿ ಅಡಗಿರುವ ಪ್ರತಿಭೆ ಹೊರಹೊಮ್ಮಲು ಸಾಧ್ಯ ಎಂದು ಮುಖಂಡರು ಹೇಳಿದರು. ತಾಲೂಕಿನ ಕಸಬಾ ಹೋಬಳಿ ಗ್ರಾಮದ ಸರ್ಕಾರಿ ಹಿರಿಯ ಪ್ರಾಥಮಿಕ ಶಾಲೆಯ 37ನೇ ವರ್ಷದ ವಾರ್ಷಿಕೋತ್ಸವ ಹಾಗೂ ಪ್ರತಿಭಾ ಪುರಸ್ಕಾರ ಸಮಾರಂಭ ಉದ್ಘಾಟಿಸಿ ಅವರು ಮಾತನಾಡಿದರು. ಮಕ್ಕಳು ಶೈಕ್ಷಣಿಕ ಪ್ರಗತಿಯ ಜೊತೆಗೆ ಪಠ್ಯೇತರ ಚಟುವಟಿಕೆಗಳಲ್ಲೂ ಮುಂದಿರಬೇಕು ಎಂದರು.

ಶಾಲಾ ಕಟ್ಟಡ, ಆಟದ ಮೈದಾನ ಅಭಿವೃದ್ಧಿಗೆ ಅಗತ್ಯ ಅನುದಾನ ಒದಗಿಸುವುದಾಗಿ ಭರವಸೆ ನೀಡಿದರು. ವಿದ್ಯಾರ್ಥಿಗಳ ನೃತ್ಯ, ನಾಟಕ, ಗಾಯನ ಸಾಂಸ್ಕೃತಿಕ ಕಾರ್ಯಕ್ರಮಗಳು ನೆರೆದಿದ್ದವರ ಮೆಚ್ಚುಗೆಗೆ ಪಾತ್ರವಾದವು. ಪ್ರತಿಭಾವಂತ ವಿದ್ಯಾರ್ಥಿಗಳಿಗೆ ಬಹುಮಾನ ವಿತರಿಸಲಾಯಿತು. ಕಾರ್ಯಕ್ರಮದಲ್ಲಿ ಎಸ್‌ಡಿಎಂಸಿ ಅಧ್ಯಕ್ಷರು, ಮುಖ್ಯ ಶಿಕ್ಷಕರು, ಗ್ರಾಮಸ್ಥರು, ಪೋಷಕರು ಹಾಗೂ ಶಿಕ್ಷಕ ವೃಂದ ಉಪಸ್ಥಿತರಿದ್ದರು.
